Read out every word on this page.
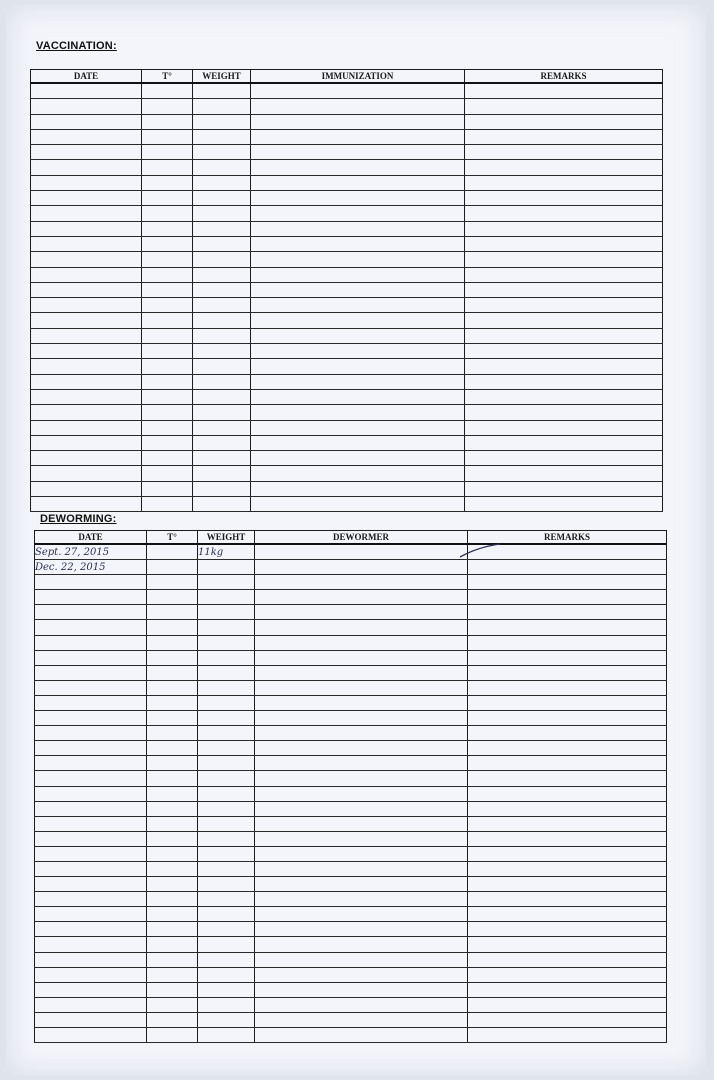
VACCINATION:
DATE	T°	WEIGHT	IMMUNIZATION	REMARKS

DEWORMING:
DATE	T°	WEIGHT	DEWORMER	REMARKS
Sept. 27, 2015		11kg		
Dec. 22, 2015				
